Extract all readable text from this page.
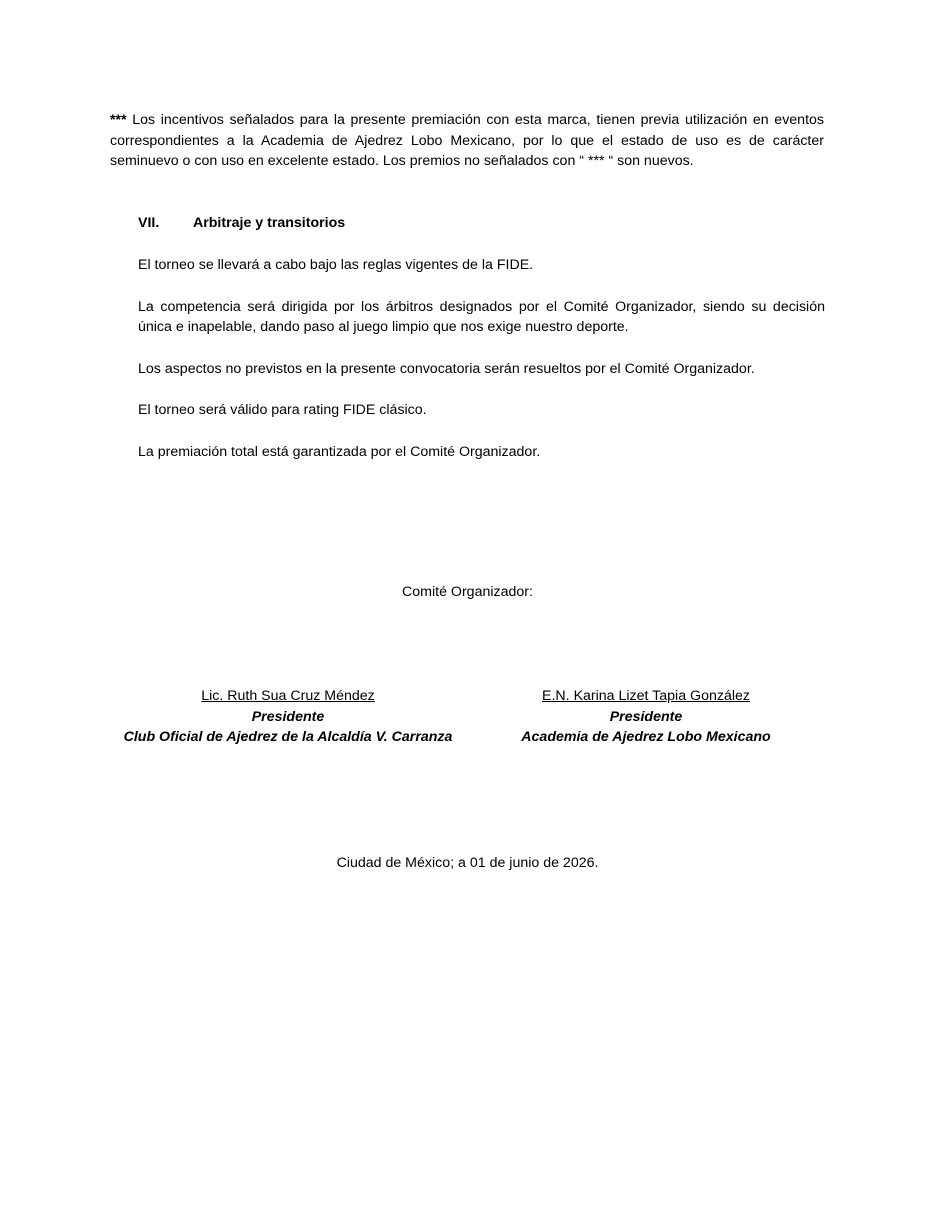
*** Los incentivos señalados para la presente premiación con esta marca, tienen previa utilización en eventos correspondientes a la Academia de Ajedrez Lobo Mexicano, por lo que el estado de uso es de carácter seminuevo o con uso en excelente estado. Los premios no señalados con “ *** “ son nuevos.
VII. Arbitraje y transitorios

El torneo se llevará a cabo bajo las reglas vigentes de la FIDE.

La competencia será dirigida por los árbitros designados por el Comité Organizador, siendo su decisión única e inapelable, dando paso al juego limpio que nos exige nuestro deporte.

Los aspectos no previstos en la presente convocatoria serán resueltos por el Comité Organizador.

El torneo será válido para rating FIDE clásico.

La premiación total está garantizada por el Comité Organizador.

Comité Organizador:
Lic. Ruth Sua Cruz Méndez
Presidente
Club Oficial de Ajedrez de la Alcaldía V. Carranza
E.N. Karina Lizet Tapia González
Presidente
Academia de Ajedrez Lobo Mexicano
Ciudad de México; a 01 de junio de 2026.
